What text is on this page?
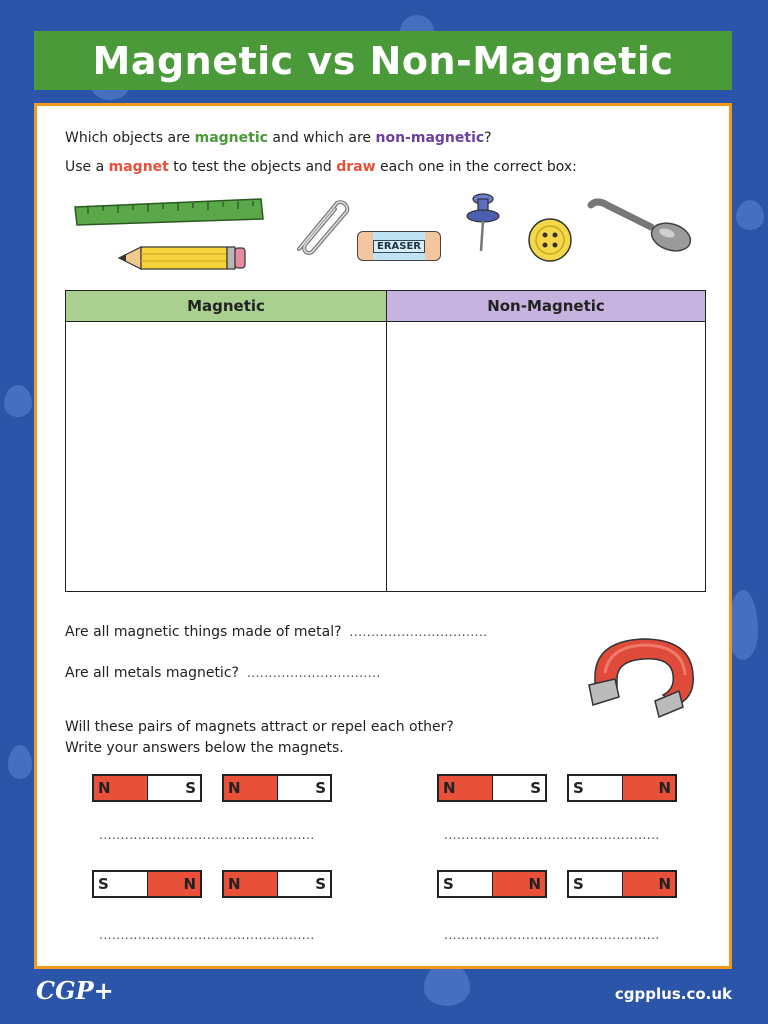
Magnetic vs Non-Magnetic
Which objects are magnetic and which are non-magnetic?
Use a magnet to test the objects and draw each one in the correct box:
ERASER
Magnetic	Non-Magnetic
Are all magnetic things made of metal? ................................
Are all metals magnetic? ...............................
Will these pairs of magnets attract or repel each other?
Write your answers below the magnets.
N	S N	S
..................................................
N	S S	N
..................................................
S	N N	S
..................................................
S	N S	N
..................................................
CGP+	cgpplus.co.uk
